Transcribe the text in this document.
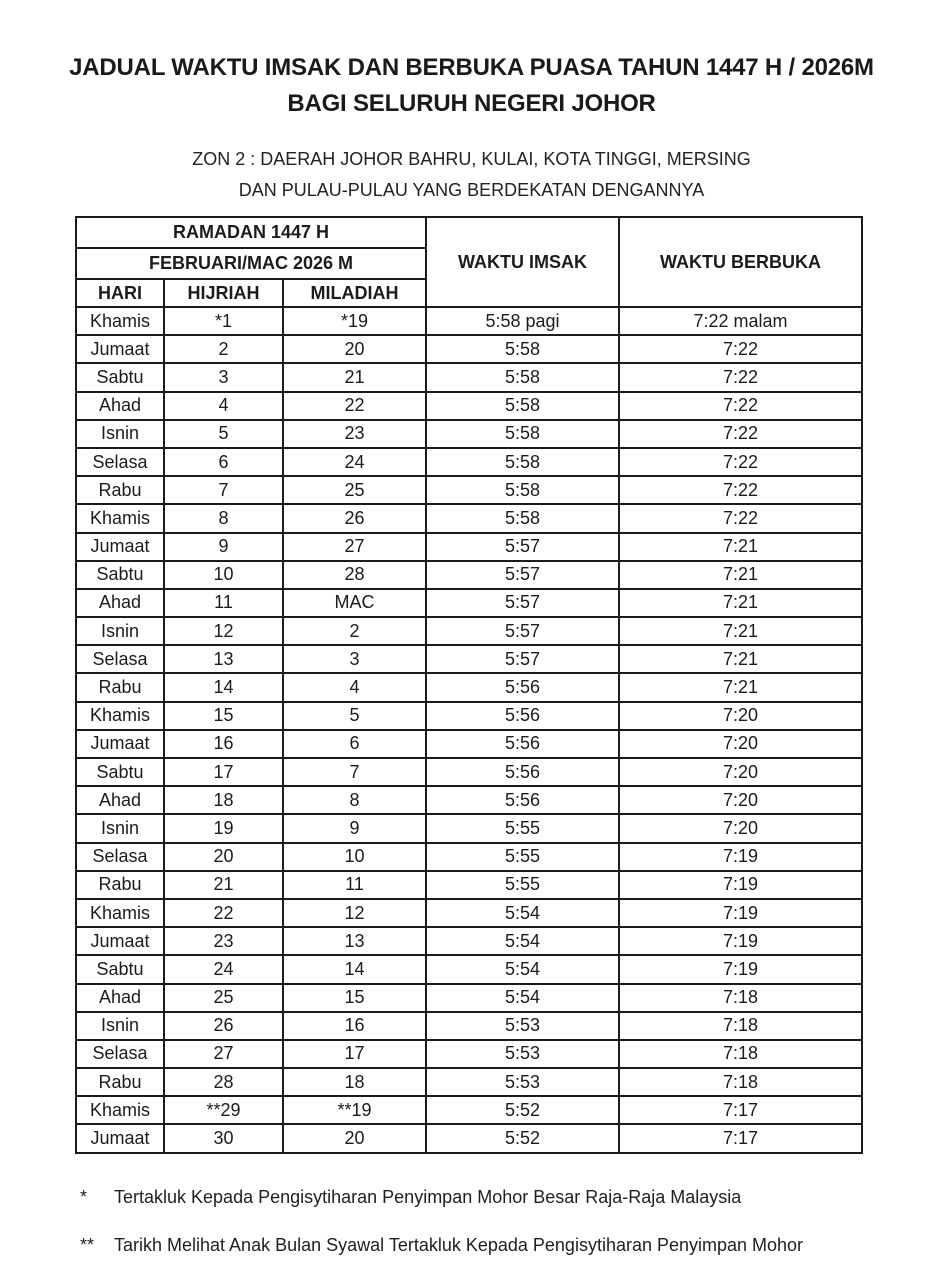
JADUAL WAKTU IMSAK DAN BERBUKA PUASA TAHUN 1447 H / 2026M
BAGI SELURUH NEGERI JOHOR
ZON 2 : DAERAH JOHOR BAHRU, KULAI, KOTA TINGGI, MERSING
DAN PULAU-PULAU YANG BERDEKATAN DENGANNYA
RAMADAN 1447 H			WAKTU IMSAK	WAKTU BERBUKA
FEBRUARI/MAC 2026 M				
HARI	HIJRIAH	MILADIAH		
Khamis	*1	*19	5:58 pagi	7:22 malam
Jumaat	2	20	5:58	7:22
Sabtu	3	21	5:58	7:22
Ahad	4	22	5:58	7:22
Isnin	5	23	5:58	7:22
Selasa	6	24	5:58	7:22
Rabu	7	25	5:58	7:22
Khamis	8	26	5:58	7:22
Jumaat	9	27	5:57	7:21
Sabtu	10	28	5:57	7:21
Ahad	11	MAC	5:57	7:21
Isnin	12	2	5:57	7:21
Selasa	13	3	5:57	7:21
Rabu	14	4	5:56	7:21
Khamis	15	5	5:56	7:20
Jumaat	16	6	5:56	7:20
Sabtu	17	7	5:56	7:20
Ahad	18	8	5:56	7:20
Isnin	19	9	5:55	7:20
Selasa	20	10	5:55	7:19
Rabu	21	11	5:55	7:19
Khamis	22	12	5:54	7:19
Jumaat	23	13	5:54	7:19
Sabtu	24	14	5:54	7:19
Ahad	25	15	5:54	7:18
Isnin	26	16	5:53	7:18
Selasa	27	17	5:53	7:18
Rabu	28	18	5:53	7:18
Khamis	**29	**19	5:52	7:17
Jumaat	30	20	5:52	7:17
*	Tertakluk Kepada Pengisytiharan Penyimpan Mohor Besar Raja-Raja Malaysia
**	Tarikh Melihat Anak Bulan Syawal Tertakluk Kepada Pengisytiharan Penyimpan Mohor
